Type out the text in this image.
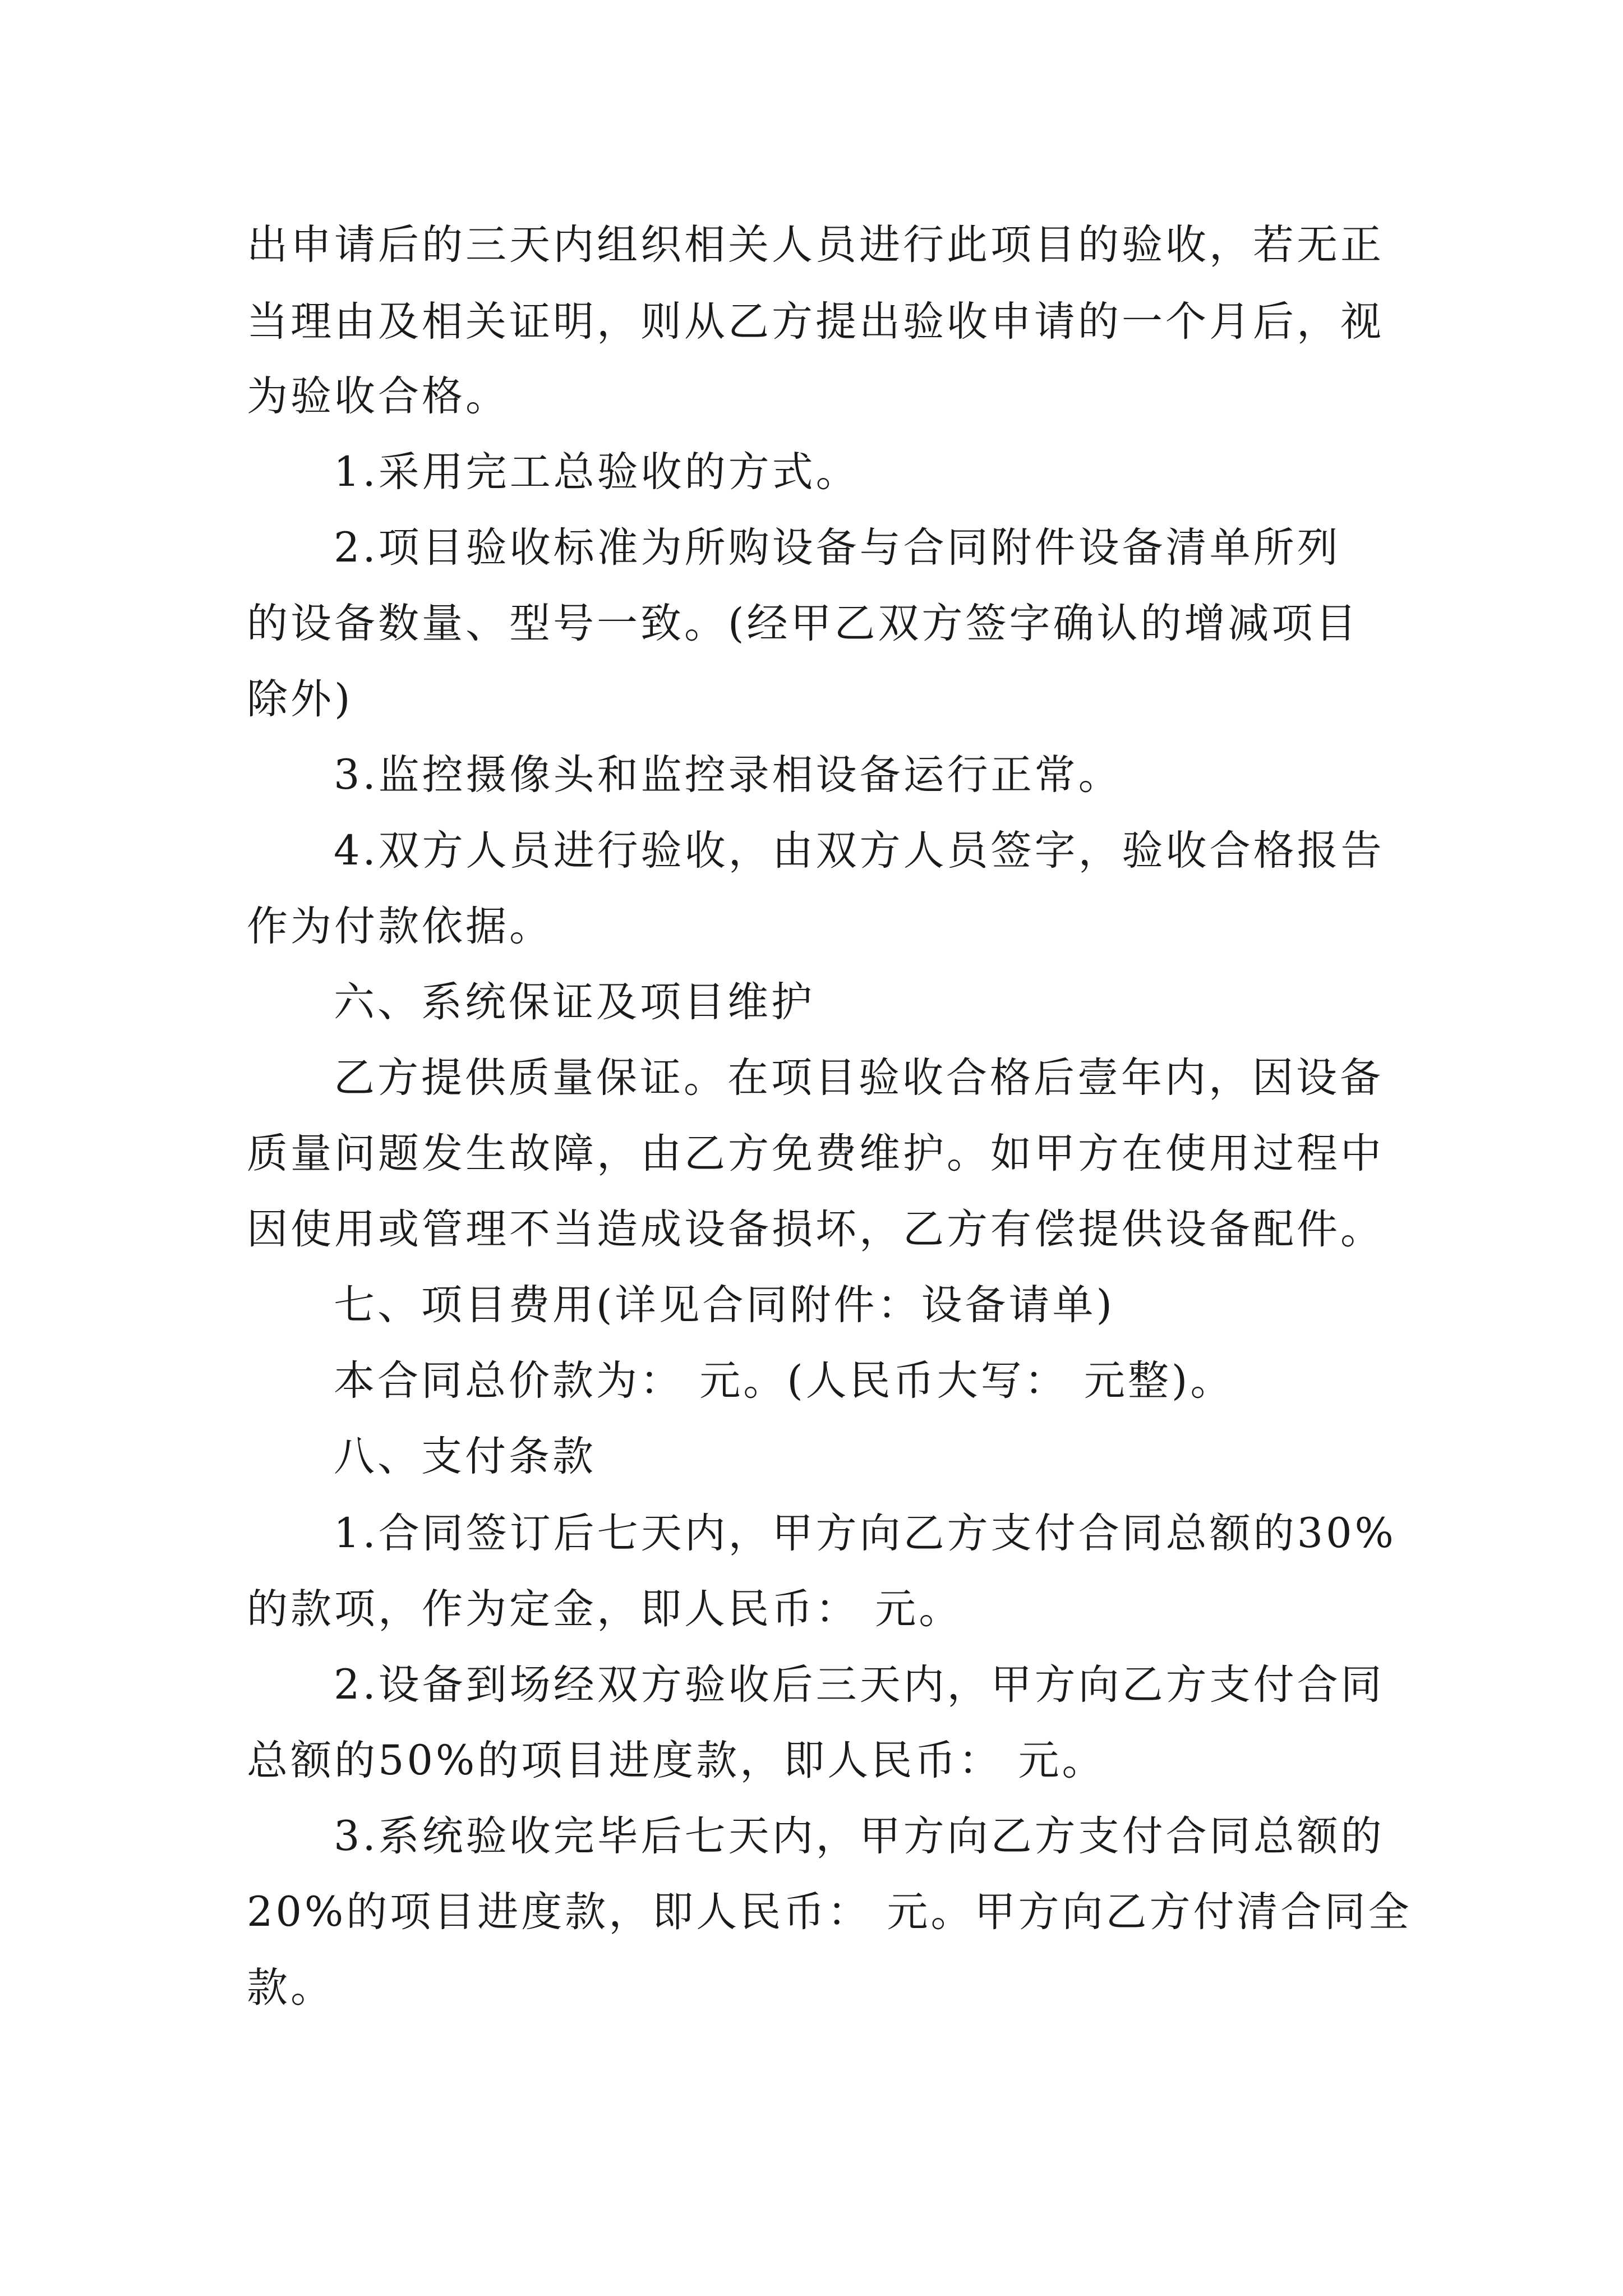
出申请后的三天内组织相关人员进行此项目的验收，若无正
当理由及相关证明，则从乙方提出验收申请的一个月后，视
为验收合格。
1.采用完工总验收的方式。
2.项目验收标准为所购设备与合同附件设备清单所列
的设备数量、型号一致。(经甲乙双方签字确认的增减项目
除外)
3.监控摄像头和监控录相设备运行正常。
4.双方人员进行验收，由双方人员签字，验收合格报告
作为付款依据。
六、系统保证及项目维护
乙方提供质量保证。在项目验收合格后壹年内，因设备
质量问题发生故障，由乙方免费维护。如甲方在使用过程中
因使用或管理不当造成设备损坏，乙方有偿提供设备配件。
七、项目费用(详见合同附件：设备请单)
本合同总价款为： 元。(人民币大写： 元整)。
八、支付条款
1.合同签订后七天内，甲方向乙方支付合同总额的30%
的款项，作为定金，即人民币： 元。
2.设备到场经双方验收后三天内，甲方向乙方支付合同
总额的50%的项目进度款，即人民币： 元。
3.系统验收完毕后七天内，甲方向乙方支付合同总额的
20%的项目进度款，即人民币： 元。甲方向乙方付清合同全
款。
